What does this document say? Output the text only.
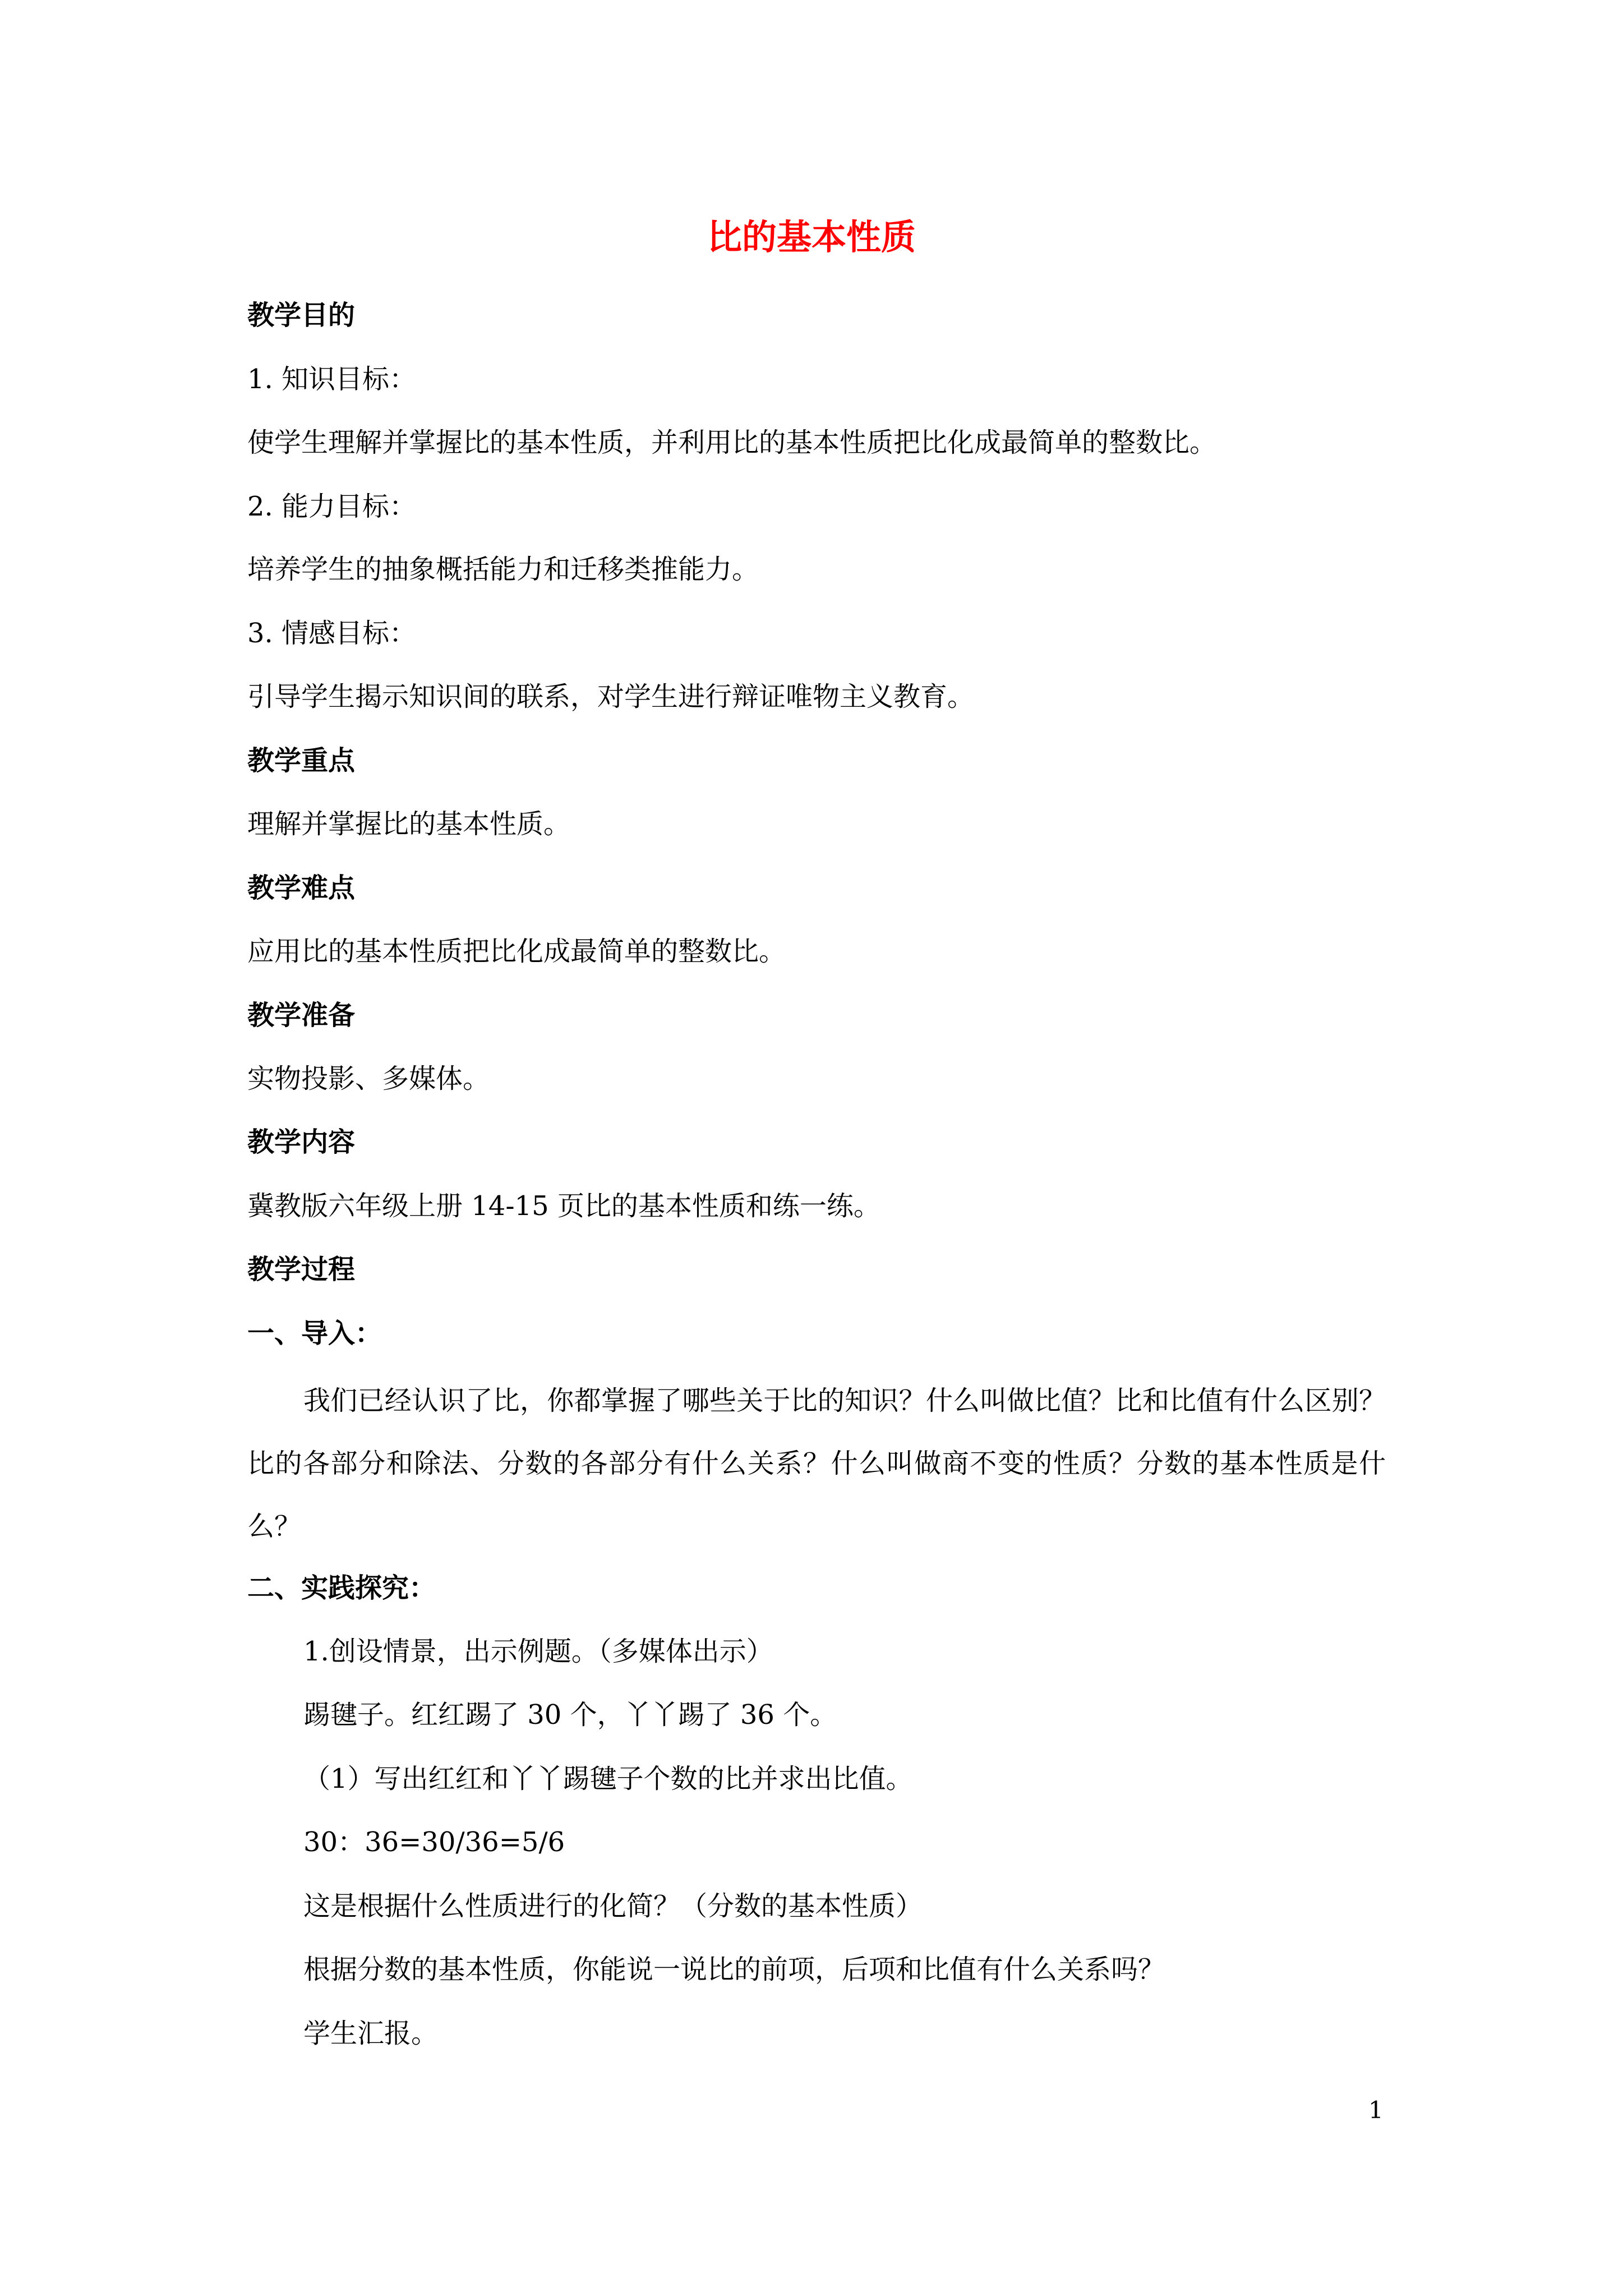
比的基本性质
教学目的
1. 知识目标：
使学生理解并掌握比的基本性质，并利用比的基本性质把比化成最简单的整数比。
2. 能力目标：
培养学生的抽象概括能力和迁移类推能力。
3. 情感目标：
引导学生揭示知识间的联系，对学生进行辩证唯物主义教育。
教学重点
理解并掌握比的基本性质。
教学难点
应用比的基本性质把比化成最简单的整数比。
教学准备
实物投影、多媒体。
教学内容
冀教版六年级上册 14-15 页比的基本性质和练一练。
教学过程
一、导入：
我们已经认识了比，你都掌握了哪些关于比的知识？什么叫做比值？比和比值有什么区别？比的各部分和除法、分数的各部分有什么关系？什么叫做商不变的性质？分数的基本性质是什么？
二、实践探究：
1.创设情景，出示例题。（多媒体出示）
踢毽子。红红踢了 30 个，丫丫踢了 36 个。
（1）写出红红和丫丫踢毽子个数的比并求出比值。
30：36=30/36=5/6
这是根据什么性质进行的化简？（分数的基本性质）
根据分数的基本性质，你能说一说比的前项，后项和比值有什么关系吗？
学生汇报。
1
